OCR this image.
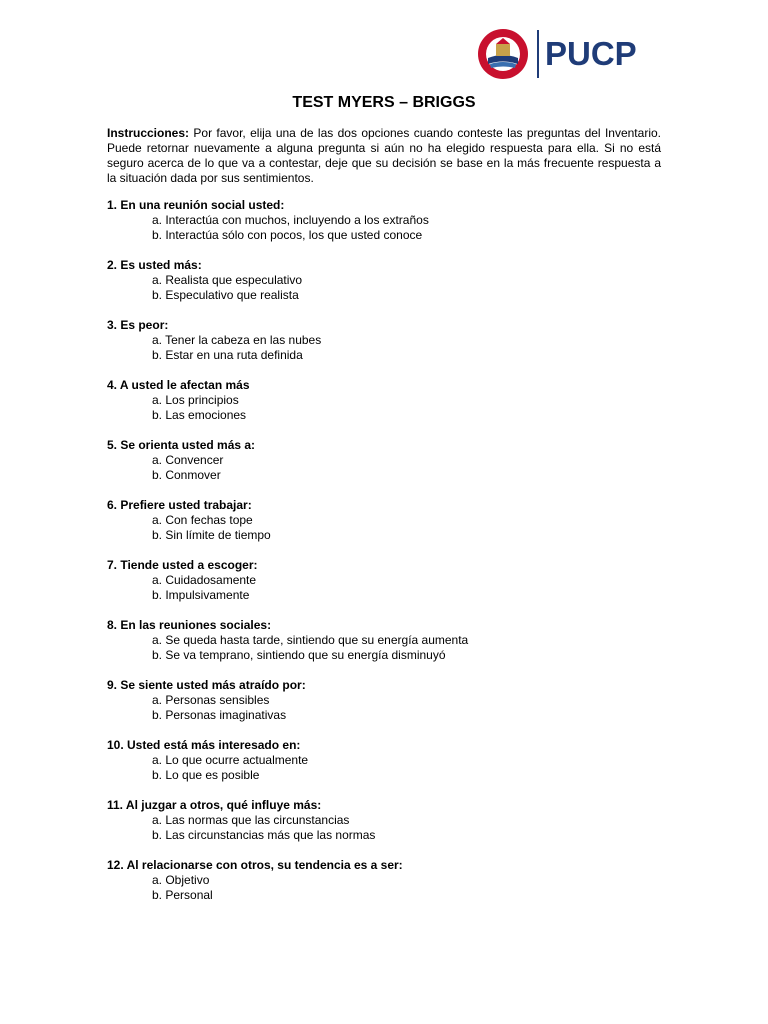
PUCP
TEST MYERS – BRIGGS
Instrucciones: Por favor, elija una de las dos opciones cuando conteste las preguntas del Inventario. Puede retornar nuevamente a alguna pregunta si aún no ha elegido respuesta para ella. Si no está seguro acerca de lo que va a contestar, deje que su decisión se base en la más frecuente respuesta a la situación dada por sus sentimientos.
1. En una reunión social usted:
a. Interactúa con muchos, incluyendo a los extraños
b. Interactúa sólo con pocos, los que usted conoce
2. Es usted más:
a. Realista que especulativo
b. Especulativo que realista
3. Es peor:
a. Tener la cabeza en las nubes
b. Estar en una ruta definida
4. A usted le afectan más
a. Los principios
b. Las emociones
5. Se orienta usted más a:
a. Convencer
b. Conmover
6. Prefiere usted trabajar:
a. Con fechas tope
b. Sin límite de tiempo
7. Tiende usted a escoger:
a. Cuidadosamente
b. Impulsivamente
8. En las reuniones sociales:
a. Se queda hasta tarde, sintiendo que su energía aumenta
b. Se va temprano, sintiendo que su energía disminuyó
9. Se siente usted más atraído por:
a. Personas sensibles
b. Personas imaginativas
10. Usted está más interesado en:
a. Lo que ocurre actualmente
b. Lo que es posible
11. Al juzgar a otros, qué influye más:
a. Las normas que las circunstancias
b. Las circunstancias más que las normas
12. Al relacionarse con otros, su tendencia es a ser:
a. Objetivo
b. Personal
